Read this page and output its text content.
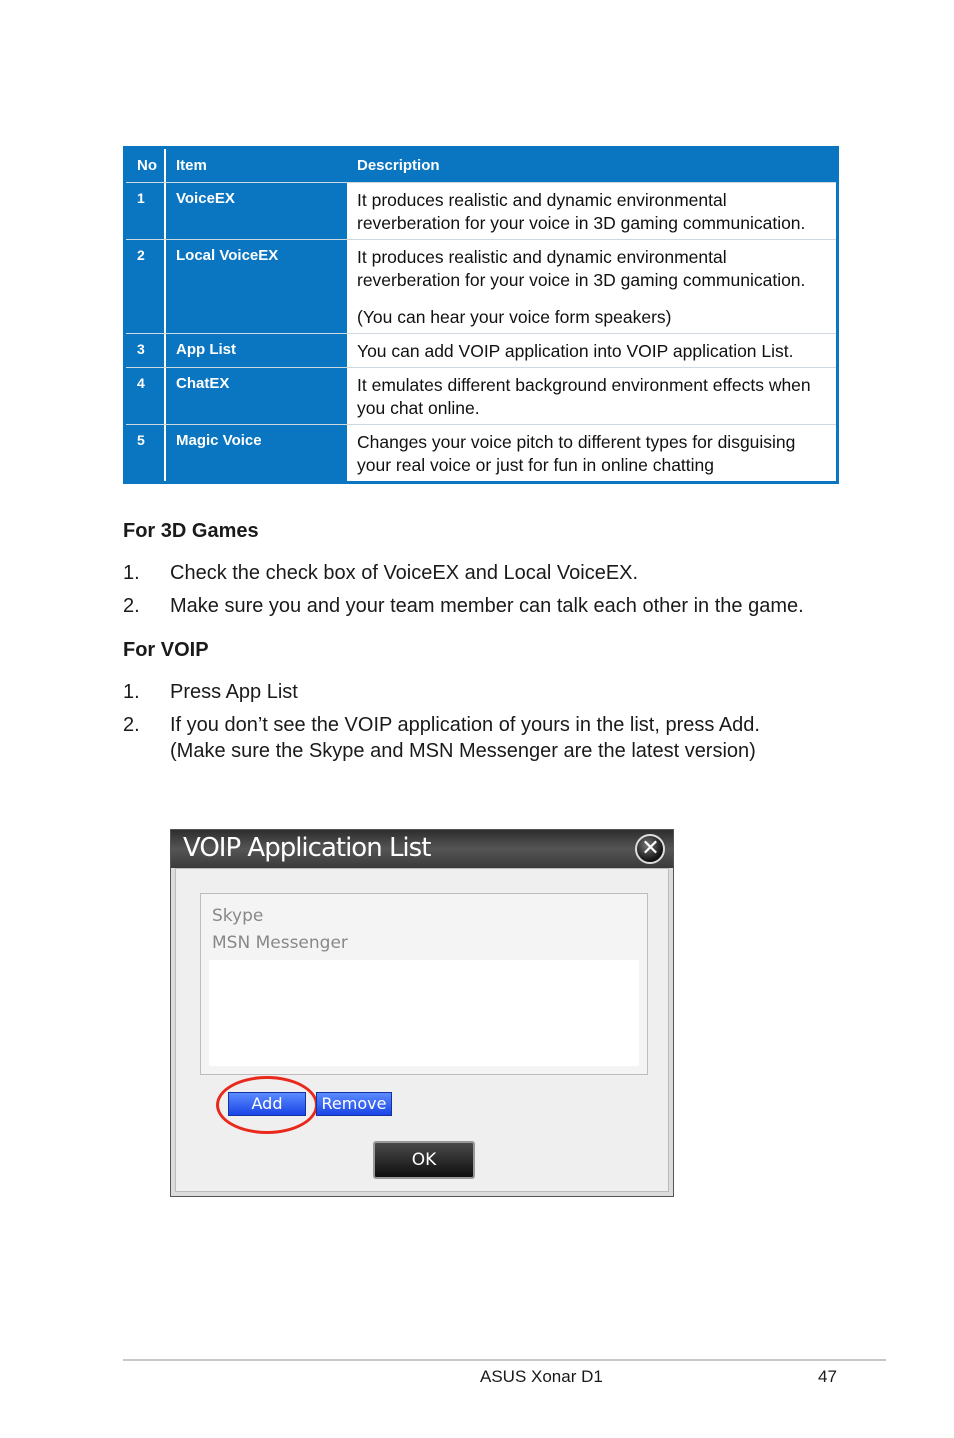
No	Item	Description
1	VoiceEX	It produces realistic and dynamic environmental reverberation for your voice in 3D gaming communication.
2	Local VoiceEX	It produces realistic and dynamic environmental reverberation for your voice in 3D gaming communication.
(You can hear your voice form speakers)
3	App List	You can add VOIP application into VOIP application List.
4	ChatEX	It emulates different background environment effects when you chat online.
5	Magic Voice	Changes your voice pitch to different types for disguising your real voice or just for fun in online chatting
For 3D Games
1. Check the check box of VoiceEX and Local VoiceEX.
2. Make sure you and your team member can talk each other in the game.
For VOIP
1. Press App List
2. If you don’t see the VOIP application of yours in the list, press Add.(Make sure the Skype and MSN Messenger are the latest version)
VOIP Application List	✕
Skype
MSN Messenger
Add	Remove
OK
ASUS Xonar D1	47
